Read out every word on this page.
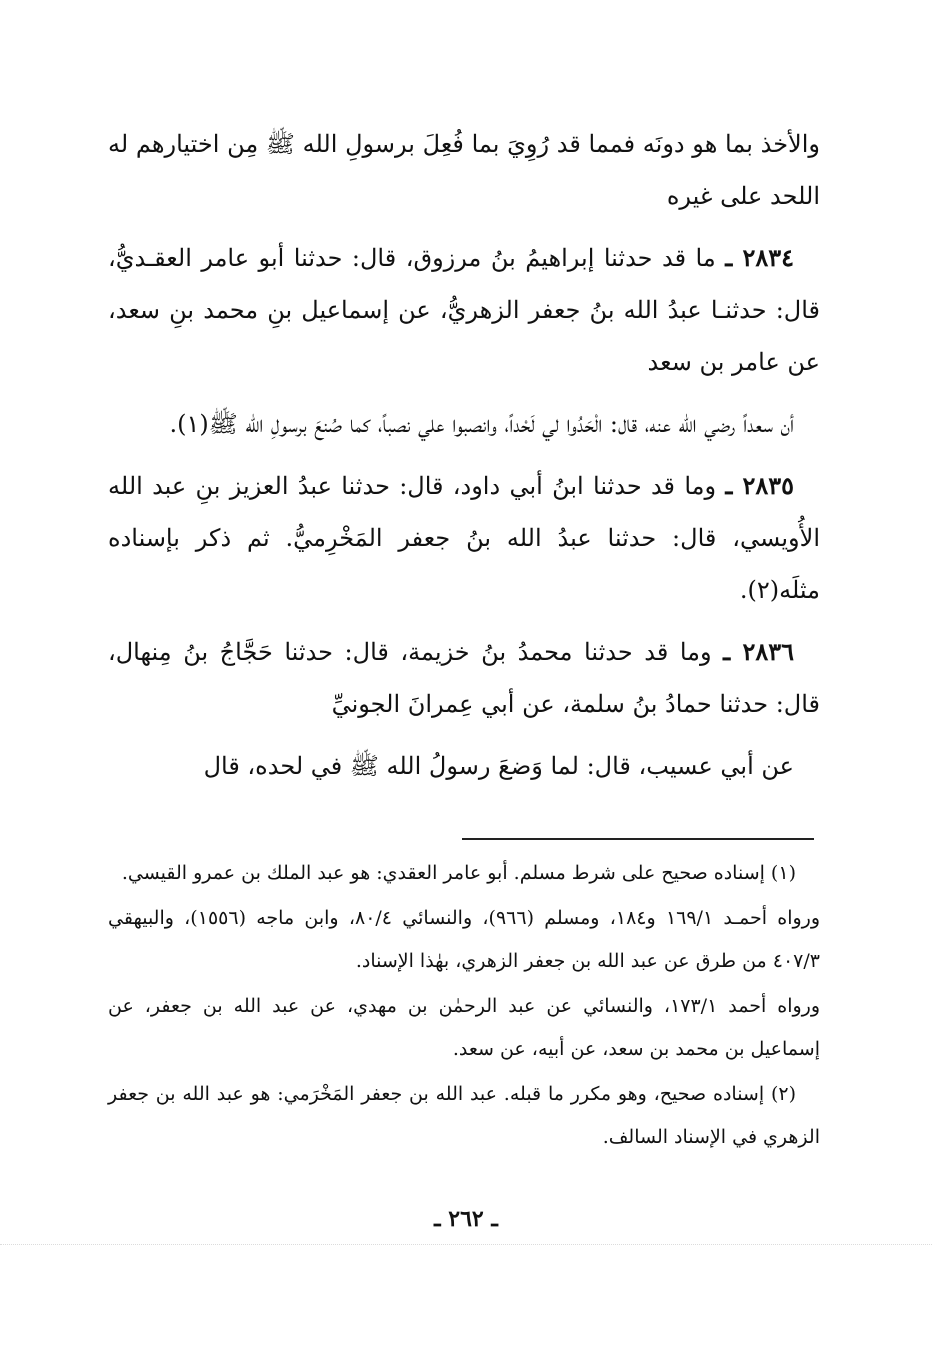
والأخذ بما هو دونَه فمما قد رُوِيَ بما فُعِلَ برسولِ الله ﷺ مِن اختيارهم له اللحد على غيره

٢٨٣٤ ـ ما قد حدثنا إبراهيمُ بنُ مرزوق، قال: حدثنا أبو عامر العقـديُّ، قال: حدثنـا عبدُ الله بنُ جعفر الزهريُّ، عن إسماعيل بنِ محمد بنِ سعد، عن عامر بن سعد

أن سعداً رضي الله عنه، قال: الْحَدُوا لي لَحْداً، وانصبوا علي نصباً، كما صُنعَ برسولِ الله ﷺ(١).

٢٨٣٥ ـ وما قد حدثنا ابنُ أبي داود، قال: حدثنا عبدُ العزيز بنِ عبد الله الأُويسي، قال: حدثنا عبدُ الله بنُ جعفر المَخْرِميُّ. ثم ذكر بإسناده مثلَه(٢).

٢٨٣٦ ـ وما قد حدثنا محمدُ بنُ خزيمة، قال: حدثنا حَجَّاجُ بنُ مِنهال، قال: حدثنا حمادُ بنُ سلمة، عن أبي عِمرانَ الجونيِّ

عن أبي عسيب، قال: لما وَضعَ رسولُ الله ﷺ في لحده، قال

(١) إسناده صحيح على شرط مسلم. أبو عامر العقدي: هو عبد الملك بن عمرو القيسي.

ورواه أحمـد ١٦٩/١ و١٨٤، ومسلم (٩٦٦)، والنسائي ٨٠/٤، وابن ماجه (١٥٥٦)، والبيهقي ٤٠٧/٣ من طرق عن عبد الله بن جعفر الزهري، بهٰذا الإسناد.

ورواه أحمد ١٧٣/١، والنسائي عن عبد الرحمٰن بن مهدي، عن عبد الله بن جعفر، عن إسماعيل بن محمد بن سعد، عن أبيه، عن سعد.

(٢) إسناده صحيح، وهو مكرر ما قبله. عبد الله بن جعفر المَخْرَمي: هو عبد الله بن جعفر الزهري في الإسناد السالف.

ـ ٢٦٢ ـ
